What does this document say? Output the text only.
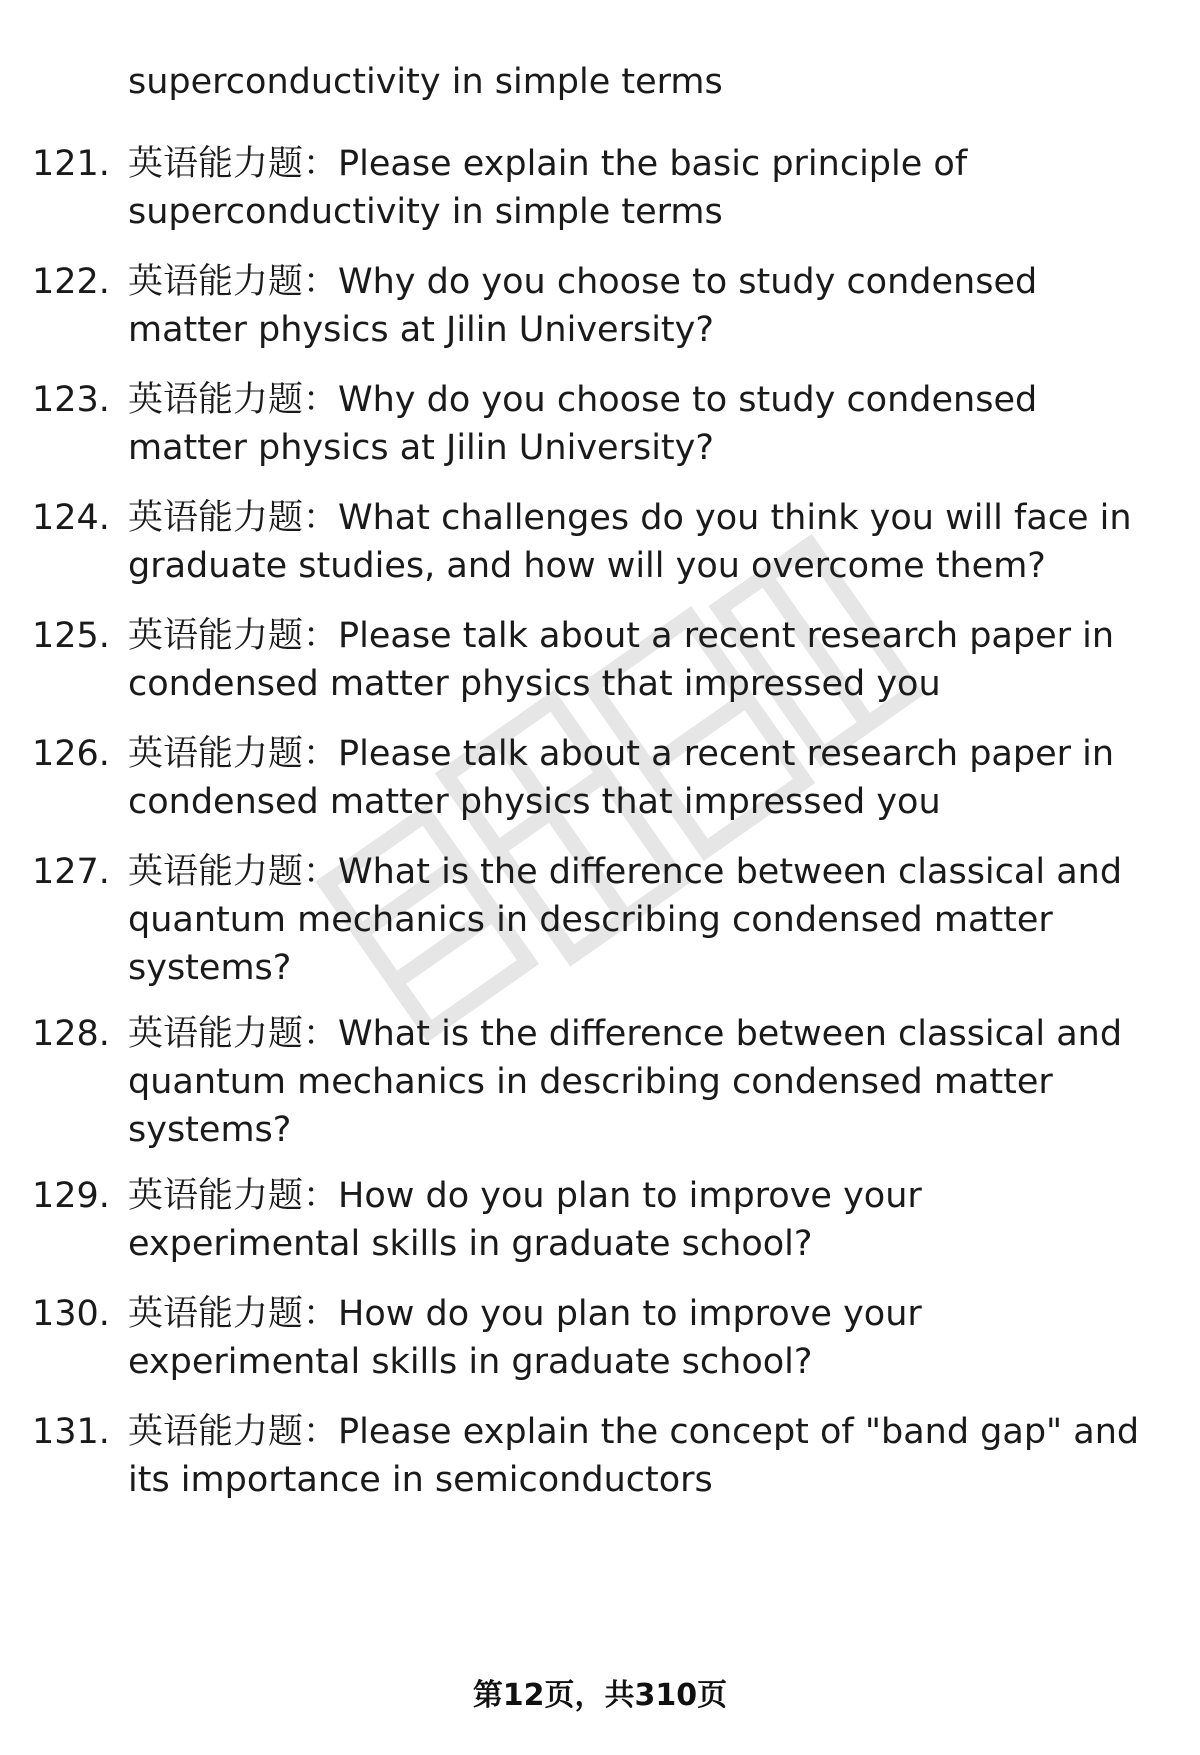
superconductivity in simple terms
121. 英语能力题：Please explain the basic principle of superconductivity in simple terms
122. 英语能力题：Why do you choose to study condensed matter physics at Jilin University?
123. 英语能力题：Why do you choose to study condensed matter physics at Jilin University?
124. 英语能力题：What challenges do you think you will face in graduate studies, and how will you overcome them?
125. 英语能力题：Please talk about a recent research paper in condensed matter physics that impressed you
126. 英语能力题：Please talk about a recent research paper in condensed matter physics that impressed you
127. 英语能力题：What is the difference between classical and quantum mechanics in describing condensed matter systems?
128. 英语能力题：What is the difference between classical and quantum mechanics in describing condensed matter systems?
129. 英语能力题：How do you plan to improve your experimental skills in graduate school?
130. 英语能力题：How do you plan to improve your experimental skills in graduate school?
131. 英语能力题：Please explain the concept of "band gap" and its importance in semiconductors
第12页，共310页
